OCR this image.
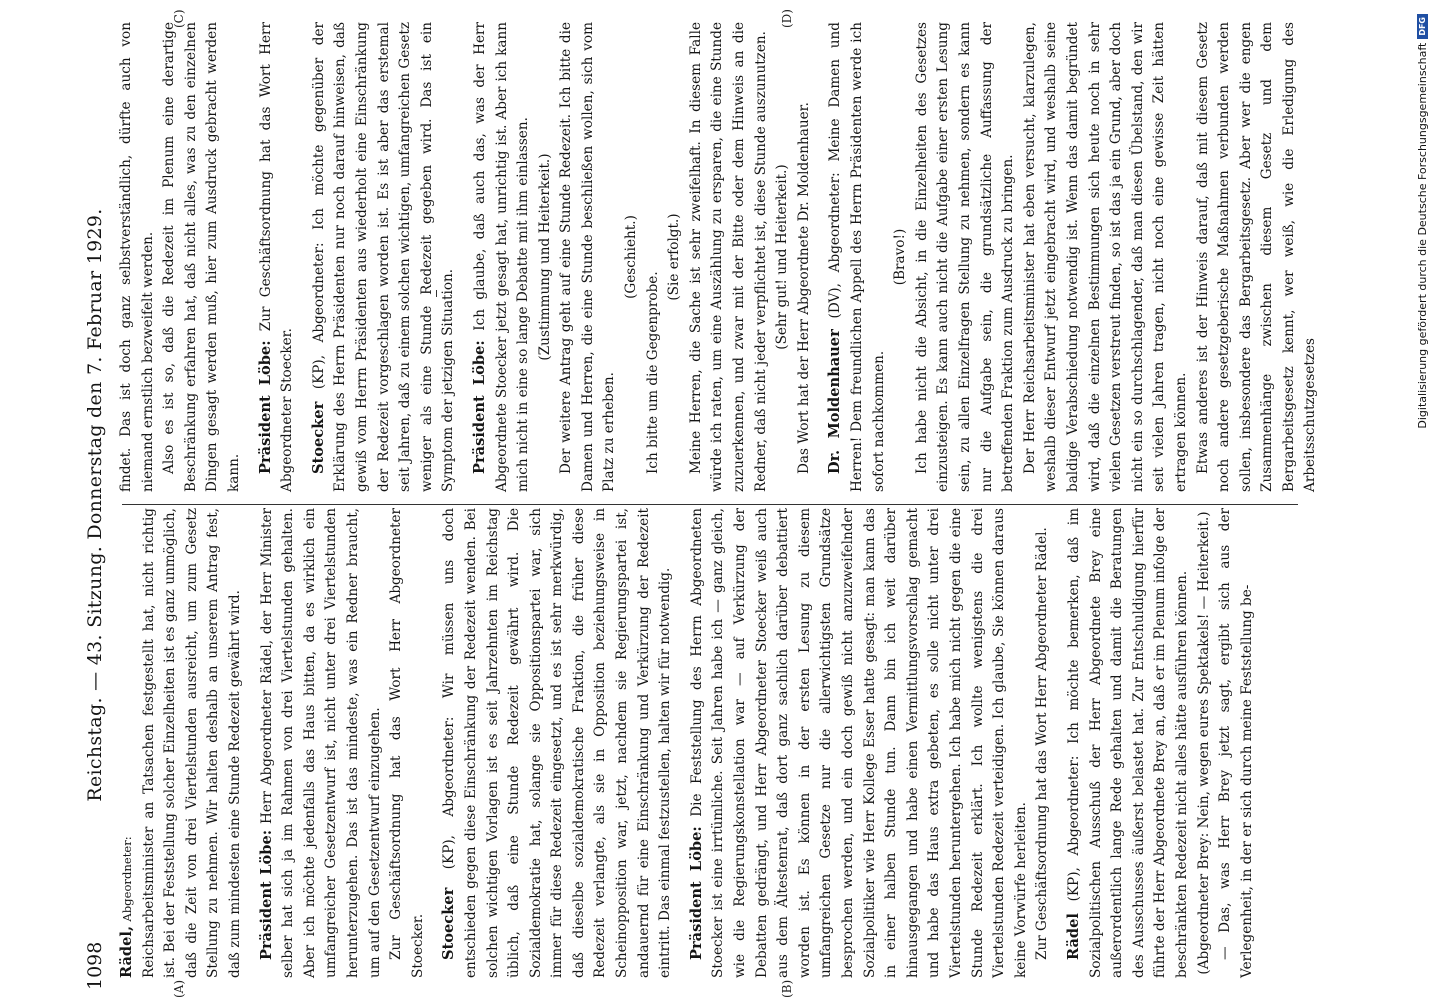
1098
Reichstag. — 43. Sitzung. Donnerstag den 7. Februar 1929.
(A)	(B)
(C)	(D)

Rädel, Abgeordneter: Reichsarbeitsminister an Tatsachen festgestellt hat, nicht richtig ist. Bei der Feststellung solcher Einzelheiten ist es ganz unmöglich, daß die Zeit von drei Viertelstunden ausreicht, um zum Gesetz Stellung zu nehmen. Wir halten deshalb an unserem Antrag fest, daß zum mindesten eine Stunde Redezeit gewährt wird. Präsident Löbe: Herr Abgeordneter Rädel, der Herr Minister selber hat sich ja im Rahmen von drei Viertelstunden gehalten. Aber ich möchte jedenfalls das Haus bitten, da es wirklich ein umfangreicher Gesetzentwurf ist, nicht unter drei Viertelstunden herunterzugehen. Das ist das mindeste, was ein Redner braucht, um auf den Gesetzentwurf einzugehen. Zur Geschäftsordnung hat das Wort Herr Abgeordneter Stoecker. Stoecker (KP), Abgeordneter: Wir müssen uns doch entschieden gegen diese Einschränkung der Redezeit wenden. Bei solchen wichtigen Vorlagen ist es seit Jahrzehnten im Reichstag üblich, daß eine Stunde Redezeit gewährt wird. Die Sozialdemokratie hat, solange sie Oppositionspartei war, sich immer für diese Redezeit eingesetzt, und es ist sehr merkwürdig, daß dieselbe sozialdemokratische Fraktion, die früher diese Redezeit verlangte, als sie in Opposition beziehungsweise in Scheinopposition war, jetzt, nachdem sie Regierungspartei ist, andauernd für eine Einschränkung und Verkürzung der Redezeit eintritt. Das einmal festzustellen, halten wir für notwendig. Präsident Löbe: Die Feststellung des Herrn Abgeordneten Stoecker ist eine irrtümliche. Seit Jahren habe ich — ganz gleich, wie die Regierungskonstellation war — auf Verkürzung der Debatten gedrängt, und Herr Abgeordneter Stoecker weiß auch aus dem Ältestenrat, daß dort ganz sachlich darüber debattiert worden ist. Es können in der ersten Lesung zu diesem umfangreichen Gesetze nur die allerwichtigsten Grundsätze besprochen werden, und ein doch gewiß nicht anzuzweifelnder Sozialpolitiker wie Herr Kollege Esser hatte gesagt: man kann das in einer halben Stunde tun. Dann bin ich weit darüber hinausgegangen und habe einen Vermittlungsvorschlag gemacht und habe das Haus extra gebeten, es solle nicht unter drei Viertelstunden heruntergehen. Ich habe mich nicht gegen die eine Stunde Redezeit erklärt. Ich wollte wenigstens die drei Viertelstunden Redezeit verteidigen. Ich glaube, Sie können daraus keine Vorwürfe herleiten. Zur Geschäftsordnung hat das Wort Herr Abgeordneter Rädel. Rädel (KP), Abgeordneter: Ich möchte bemerken, daß im Sozialpolitischen Ausschuß der Herr Abgeordnete Brey eine außerordentlich lange Rede gehalten und damit die Beratungen des Ausschusses äußerst belastet hat. Zur Entschuldigung hierfür führte der Herr Abgeordnete Brey an, daß er im Plenum infolge der beschränkten Redezeit nicht alles hätte ausführen können. (Abgeordneter Brey: Nein, wegen eures Spektakels! — Heiterkeit.) — Das, was Herr Brey jetzt sagt, ergibt sich aus der Verlegenheit, in der er sich durch meine Feststellung be-

findet. Das ist doch ganz selbstverständlich, dürfte auch von niemand ernstlich bezweifelt werden. Also es ist so, daß die Redezeit im Plenum eine derartige Beschränkung erfahren hat, daß nicht alles, was zu den einzelnen Dingen gesagt werden muß, hier zum Ausdruck gebracht werden kann. Präsident Löbe: Zur Geschäftsordnung hat das Wort Herr Abgeordneter Stoecker. Stoecker (KP), Abgeordneter: Ich möchte gegenüber der Erklärung des Herrn Präsidenten nur noch darauf hinweisen, daß gewiß vom Herrn Präsidenten aus wiederholt eine Einschränkung der Redezeit vorgeschlagen worden ist. Es ist aber das erstemal seit Jahren, daß zu einem solchen wichtigen, umfangreichen Gesetz weniger als eine Stunde Redezeit gegeben wird. Das ist ein Symptom der jetzigen Situation. Präsident Löbe: Ich glaube, daß auch das, was der Herr Abgeordnete Stoecker jetzt gesagt hat, unrichtig ist. Aber ich kann mich nicht in eine so lange Debatte mit ihm einlassen. (Zustimmung und Heiterkeit.) Der weitere Antrag geht auf eine Stunde Redezeit. Ich bitte die Damen und Herren, die eine Stunde beschließen wollen, sich vom Platz zu erheben.

(Geschieht.)

Ich bitte um die Gegenprobe.

(Sie erfolgt.) Meine Herren, die Sache ist sehr zweifelhaft. In diesem Falle würde ich raten, um eine Auszählung zu ersparen, die eine Stunde zuzuerkennen, und zwar mit der Bitte oder dem Hinweis an die Redner, daß nicht jeder verpflichtet ist, diese Stunde auszunutzen. (Sehr gut! und Heiterkeit.) Das Wort hat der Herr Abgeordnete Dr. Moldenhauer. Dr. Moldenhauer (DV), Abgeordneter: Meine Damen und Herren! Dem freundlichen Appell des Herrn Präsidenten werde ich sofort nachkommen.

(Bravo!) Ich habe nicht die Absicht, in die Einzelheiten des Gesetzes einzusteigen. Es kann auch nicht die Aufgabe einer ersten Lesung sein, zu allen Einzelfragen Stellung zu nehmen, sondern es kann nur die Aufgabe sein, die grundsätzliche Auffassung der betreffenden Fraktion zum Ausdruck zu bringen. Der Herr Reichsarbeitsminister hat eben versucht, klarzulegen, weshalb dieser Entwurf jetzt eingebracht wird, und weshalb seine baldige Verabschiedung notwendig ist. Wenn das damit begründet wird, daß die einzelnen Bestimmungen sich heute noch in sehr vielen Gesetzen verstreut finden, so ist das ja ein Grund, aber doch nicht ein so durchschlagender, daß man diesen Übelstand, den wir seit vielen Jahren tragen, nicht noch eine gewisse Zeit hätten ertragen können. Etwas anderes ist der Hinweis darauf, daß mit diesem Gesetz noch andere gesetzgeberische Maßnahmen verbunden werden sollen, insbesondere das Bergarbeitsgesetz. Aber wer die engen Zusammenhänge zwischen diesem Gesetz und dem Bergarbeitsgesetz kennt, wer weiß, wie die Erledigung des Arbeitsschutzgesetzes	Digitalisierung gefördert durch die Deutsche Forschungsgemeinschaft
DFG
